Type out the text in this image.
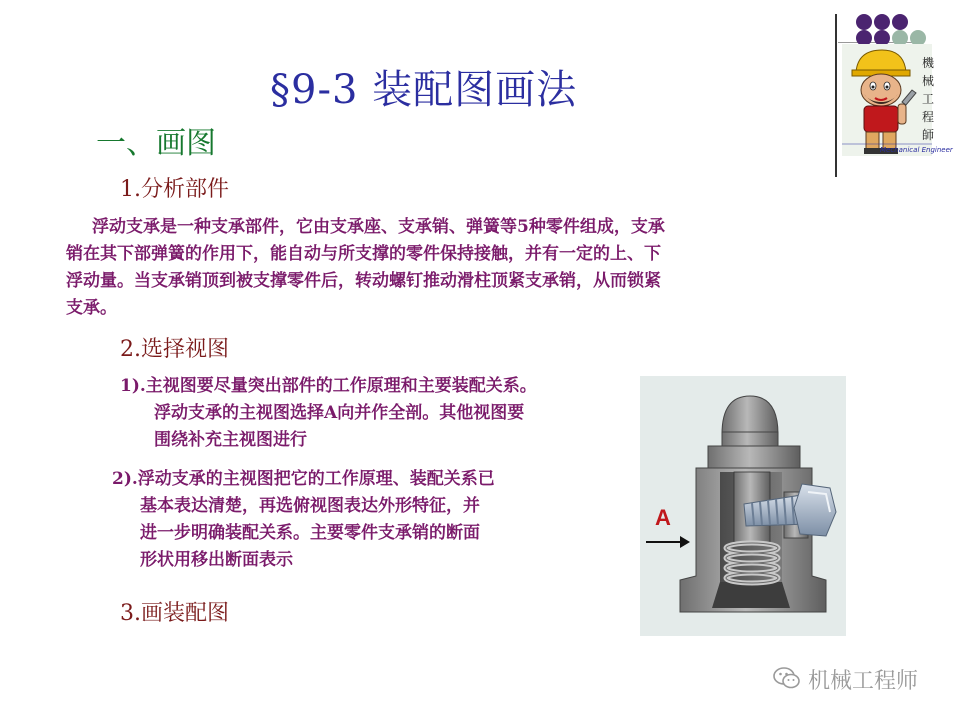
機械工程師
Mechanical Engineer
§9-3 装配图画法
一、画图
1.分析部件
浮动支承是一种支承部件，它由支承座、支承销、弹簧等5种零件组成，支承
销在其下部弹簧的作用下，能自动与所支撑的零件保持接触，并有一定的上、下
浮动量。当支承销顶到被支撑零件后，转动螺钉推动滑柱顶紧支承销，从而锁紧
支承。
2.选择视图
1).主视图要尽量突出部件的工作原理和主要装配关系。
浮动支承的主视图选择A向并作全剖。其他视图要
围绕补充主视图进行
2).浮动支承的主视图把它的工作原理、装配关系已
基本表达清楚，再选俯视图表达外形特征，并
进一步明确装配关系。主要零件支承销的断面
形状用移出断面表示
3.画装配图
A
机械工程师
